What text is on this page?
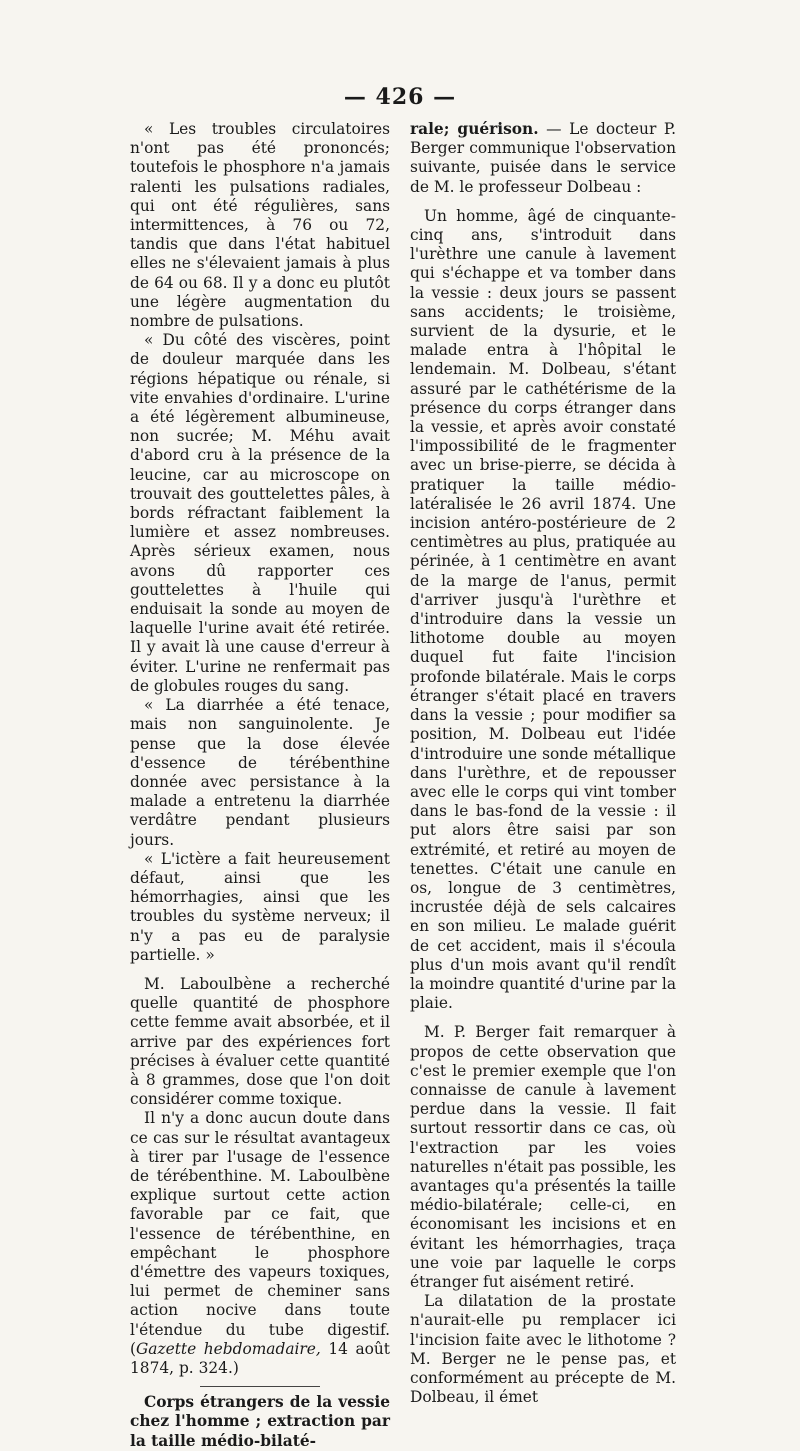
— 426 —

« Les troubles circulatoires n'ont pas été prononcés; toutefois le phosphore n'a jamais ralenti les pulsations radiales, qui ont été régulières, sans intermittences, à 76 ou 72, tandis que dans l'état habituel elles ne s'élevaient jamais à plus de 64 ou 68. Il y a donc eu plutôt une légère augmentation du nombre de pulsations.

« Du côté des viscères, point de douleur marquée dans les régions hépatique ou rénale, si vite envahies d'ordinaire. L'urine a été légèrement albumineuse, non sucrée; M. Méhu avait d'abord cru à la présence de la leucine, car au microscope on trouvait des gouttelettes pâles, à bords réfractant faiblement la lumière et assez nombreuses. Après sérieux examen, nous avons dû rapporter ces gouttelettes à l'huile qui enduisait la sonde au moyen de laquelle l'urine avait été retirée. Il y avait là une cause d'erreur à éviter. L'urine ne renfermait pas de globules rouges du sang.

« La diarrhée a été tenace, mais non sanguinolente. Je pense que la dose élevée d'essence de térébenthine donnée avec persistance à la malade a entretenu la diarrhée verdâtre pendant plusieurs jours.

« L'ictère a fait heureusement défaut, ainsi que les hémorrhagies, ainsi que les troubles du système nerveux; il n'y a pas eu de paralysie partielle. »

M. Laboulbène a recherché quelle quantité de phosphore cette femme avait absorbée, et il arrive par des expériences fort précises à évaluer cette quantité à 8 grammes, dose que l'on doit considérer comme toxique.

Il n'y a donc aucun doute dans ce cas sur le résultat avantageux à tirer par l'usage de l'essence de térébenthine. M. Laboulbène explique surtout cette action favorable par ce fait, que l'essence de térébenthine, en empêchant le phosphore d'émettre des vapeurs toxiques, lui permet de cheminer sans action nocive dans toute l'étendue du tube digestif. (Gazette hebdomadaire, 14 août 1874, p. 324.)

Corps étrangers de la vessie chez l'homme ; extraction par la taille médio-bilaté-

rale; guérison. — Le docteur P. Berger communique l'observation suivante, puisée dans le service de M. le professeur Dolbeau :

Un homme, âgé de cinquante-cinq ans, s'introduit dans l'urèthre une canule à lavement qui s'échappe et va tomber dans la vessie : deux jours se passent sans accidents; le troisième, survient de la dysurie, et le malade entra à l'hôpital le lendemain. M. Dolbeau, s'étant assuré par le cathétérisme de la présence du corps étranger dans la vessie, et après avoir constaté l'impossibilité de le fragmenter avec un brise-pierre, se décida à pratiquer la taille médio-latéralisée le 26 avril 1874. Une incision antéro-postérieure de 2 centimètres au plus, pratiquée au périnée, à 1 centimètre en avant de la marge de l'anus, permit d'arriver jusqu'à l'urèthre et d'introduire dans la vessie un lithotome double au moyen duquel fut faite l'incision profonde bilatérale. Mais le corps étranger s'était placé en travers dans la vessie ; pour modifier sa position, M. Dolbeau eut l'idée d'introduire une sonde métallique dans l'urèthre, et de repousser avec elle le corps qui vint tomber dans le bas-fond de la vessie : il put alors être saisi par son extrémité, et retiré au moyen de tenettes. C'était une canule en os, longue de 3 centimètres, incrustée déjà de sels calcaires en son milieu. Le malade guérit de cet accident, mais il s'écoula plus d'un mois avant qu'il rendît la moindre quantité d'urine par la plaie.

M. P. Berger fait remarquer à propos de cette observation que c'est le premier exemple que l'on connaisse de canule à lavement perdue dans la vessie. Il fait surtout ressortir dans ce cas, où l'extraction par les voies naturelles n'était pas possible, les avantages qu'a présentés la taille médio-bilatérale; celle-ci, en économisant les incisions et en évitant les hémorrhagies, traça une voie par laquelle le corps étranger fut aisément retiré.

La dilatation de la prostate n'aurait-elle pu remplacer ici l'incision faite avec le lithotome ? M. Berger ne le pense pas, et conformément au précepte de M. Dolbeau, il émet
